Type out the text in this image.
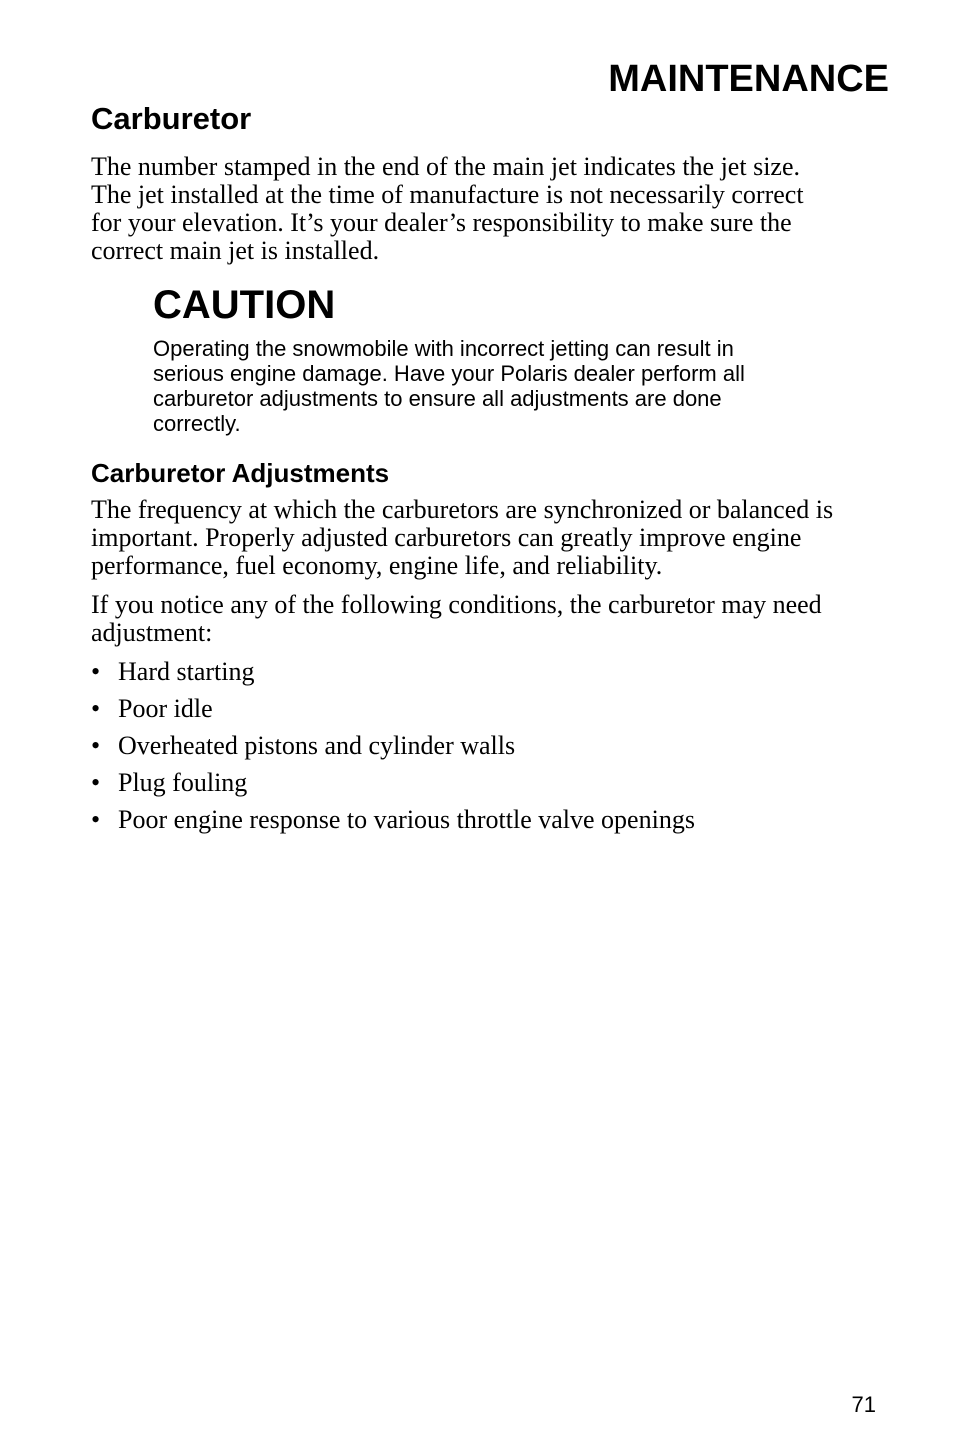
MAINTENANCE
Carburetor

The number stamped in the end of the main jet indicates the jet size.
The jet installed at the time of manufacture is not necessarily correct
for your elevation. It’s your dealer’s responsibility to make sure the
correct main jet is installed.

CAUTION

Operating the snowmobile with incorrect jetting can result in
serious engine damage. Have your Polaris dealer perform all
carburetor adjustments to ensure all adjustments are done
correctly.

Carburetor Adjustments

The frequency at which the carburetors are synchronized or balanced is
important. Properly adjusted carburetors can greatly improve engine
performance, fuel economy, engine life, and reliability.

If you notice any of the following conditions, the carburetor may need
adjustment:

• Hard starting
• Poor idle
• Overheated pistons and cylinder walls
• Plug fouling
• Poor engine response to various throttle valve openings

71
